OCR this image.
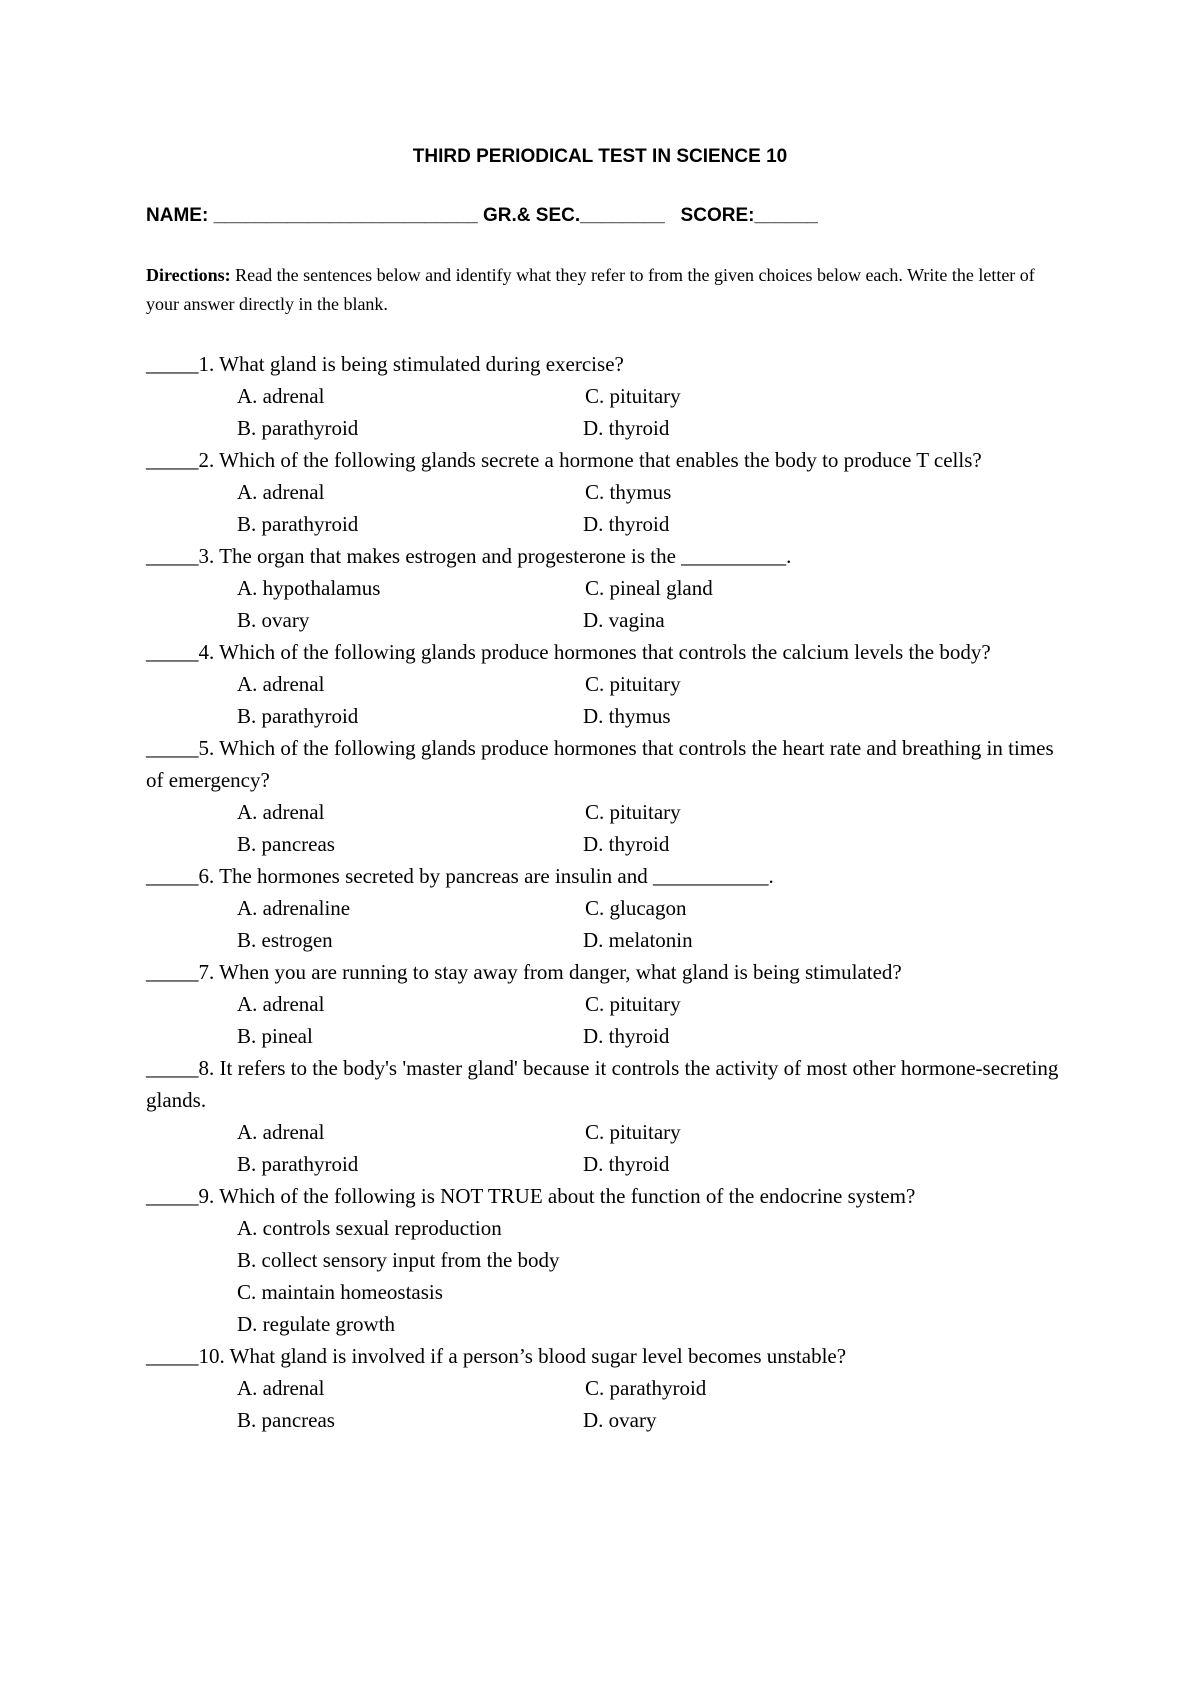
THIRD PERIODICAL TEST IN SCIENCE 10
NAME: _________________________ GR.& SEC.________ SCORE:______
Directions: Read the sentences below and identify what they refer to from the given choices below each. Write the letter of your answer directly in the blank.
_____1. What gland is being stimulated during exercise?
A. adrenal	C. pituitary
B. parathyroid	D. thyroid
_____2. Which of the following glands secrete a hormone that enables the body to produce T cells?
A. adrenal	C. thymus
B. parathyroid	D. thyroid
_____3. The organ that makes estrogen and progesterone is the __________.
A. hypothalamus	C. pineal gland
B. ovary	D. vagina
_____4. Which of the following glands produce hormones that controls the calcium levels the body?
A. adrenal	C. pituitary
B. parathyroid	D. thymus
_____5. Which of the following glands produce hormones that controls the heart rate and breathing in times of emergency?
A. adrenal	C. pituitary
B. pancreas	D. thyroid
_____6. The hormones secreted by pancreas are insulin and ___________.
A. adrenaline	C. glucagon
B. estrogen	D. melatonin
_____7. When you are running to stay away from danger, what gland is being stimulated?
A. adrenal	C. pituitary
B. pineal	D. thyroid
_____8. It refers to the body's 'master gland' because it controls the activity of most other hormone-secreting glands.
A. adrenal	C. pituitary
B. parathyroid	D. thyroid
_____9. Which of the following is NOT TRUE about the function of the endocrine system?
A. controls sexual reproduction
B. collect sensory input from the body
C. maintain homeostasis
D. regulate growth
_____10. What gland is involved if a person’s blood sugar level becomes unstable?
A. adrenal	C. parathyroid
B. pancreas	D. ovary
